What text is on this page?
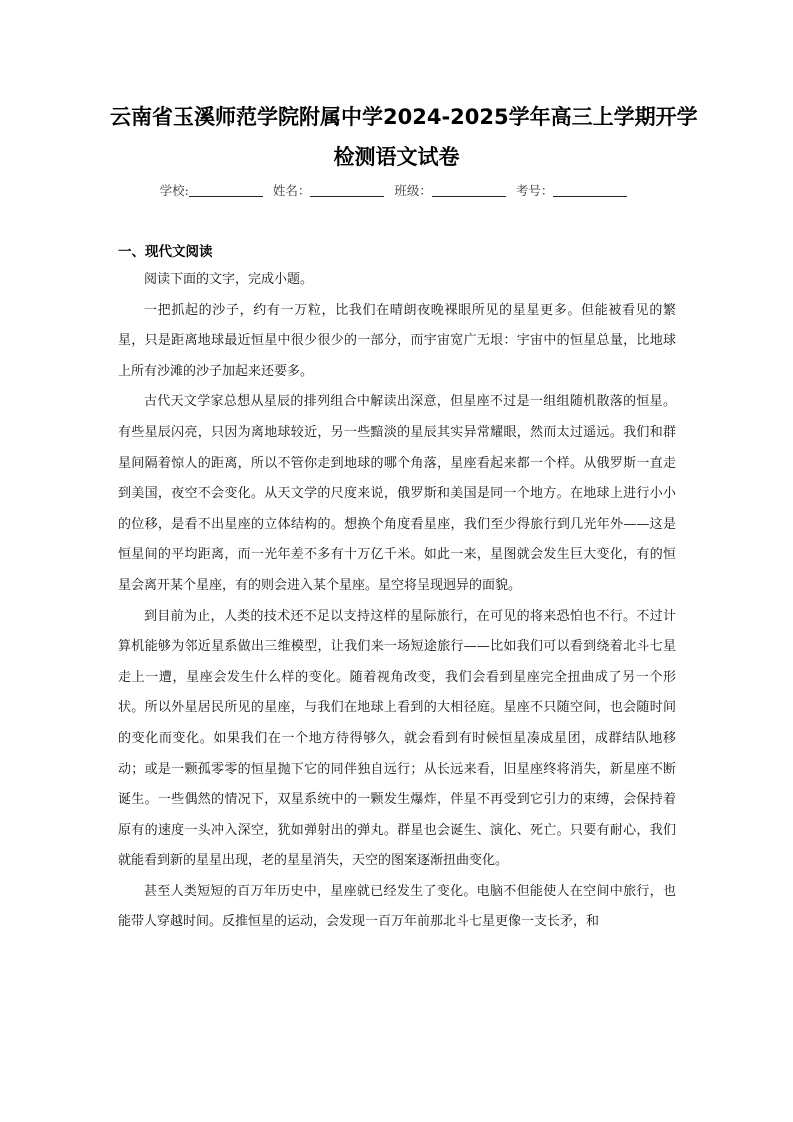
云南省玉溪师范学院附属中学2024-2025学年高三上学期开学
检测语文试卷
学校:	姓名：	班级：	考号：
一、现代文阅读

阅读下面的文字，完成小题。

一把抓起的沙子，约有一万粒，比我们在晴朗夜晚裸眼所见的星星更多。但能被看见的繁星，只是距离地球最近恒星中很少很少的一部分，而宇宙宽广无垠：宇宙中的恒星总量，比地球上所有沙滩的沙子加起来还要多。

古代天文学家总想从星辰的排列组合中解读出深意，但星座不过是一组组随机散落的恒星。有些星辰闪亮，只因为离地球较近，另一些黯淡的星辰其实异常耀眼，然而太过遥远。我们和群星间隔着惊人的距离，所以不管你走到地球的哪个角落，星座看起来都一个样。从俄罗斯一直走到美国，夜空不会变化。从天文学的尺度来说，俄罗斯和美国是同一个地方。在地球上进行小小的位移，是看不出星座的立体结构的。想换个角度看星座，我们至少得旅行到几光年外——这是恒星间的平均距离，而一光年差不多有十万亿千米。如此一来，星图就会发生巨大变化，有的恒星会离开某个星座，有的则会进入某个星座。星空将呈现迥异的面貌。

到目前为止，人类的技术还不足以支持这样的星际旅行，在可见的将来恐怕也不行。不过计算机能够为邻近星系做出三维模型，让我们来一场短途旅行——比如我们可以看到绕着北斗七星走上一遭，星座会发生什么样的变化。随着视角改变，我们会看到星座完全扭曲成了另一个形状。所以外星居民所见的星座，与我们在地球上看到的大相径庭。星座不只随空间，也会随时间的变化而变化。如果我们在一个地方待得够久，就会看到有时候恒星凑成星团，成群结队地移动；或是一颗孤零零的恒星抛下它的同伴独自远行；从长远来看，旧星座终将消失，新星座不断诞生。一些偶然的情况下，双星系统中的一颗发生爆炸，伴星不再受到它引力的束缚，会保持着原有的速度一头冲入深空，犹如弹射出的弹丸。群星也会诞生、演化、死亡。只要有耐心，我们就能看到新的星星出现，老的星星消失，天空的图案逐渐扭曲变化。

甚至人类短短的百万年历史中，星座就已经发生了变化。电脑不但能使人在空间中旅行，也能带人穿越时间。反推恒星的运动，会发现一百万年前那北斗七星更像一支长矛，和
